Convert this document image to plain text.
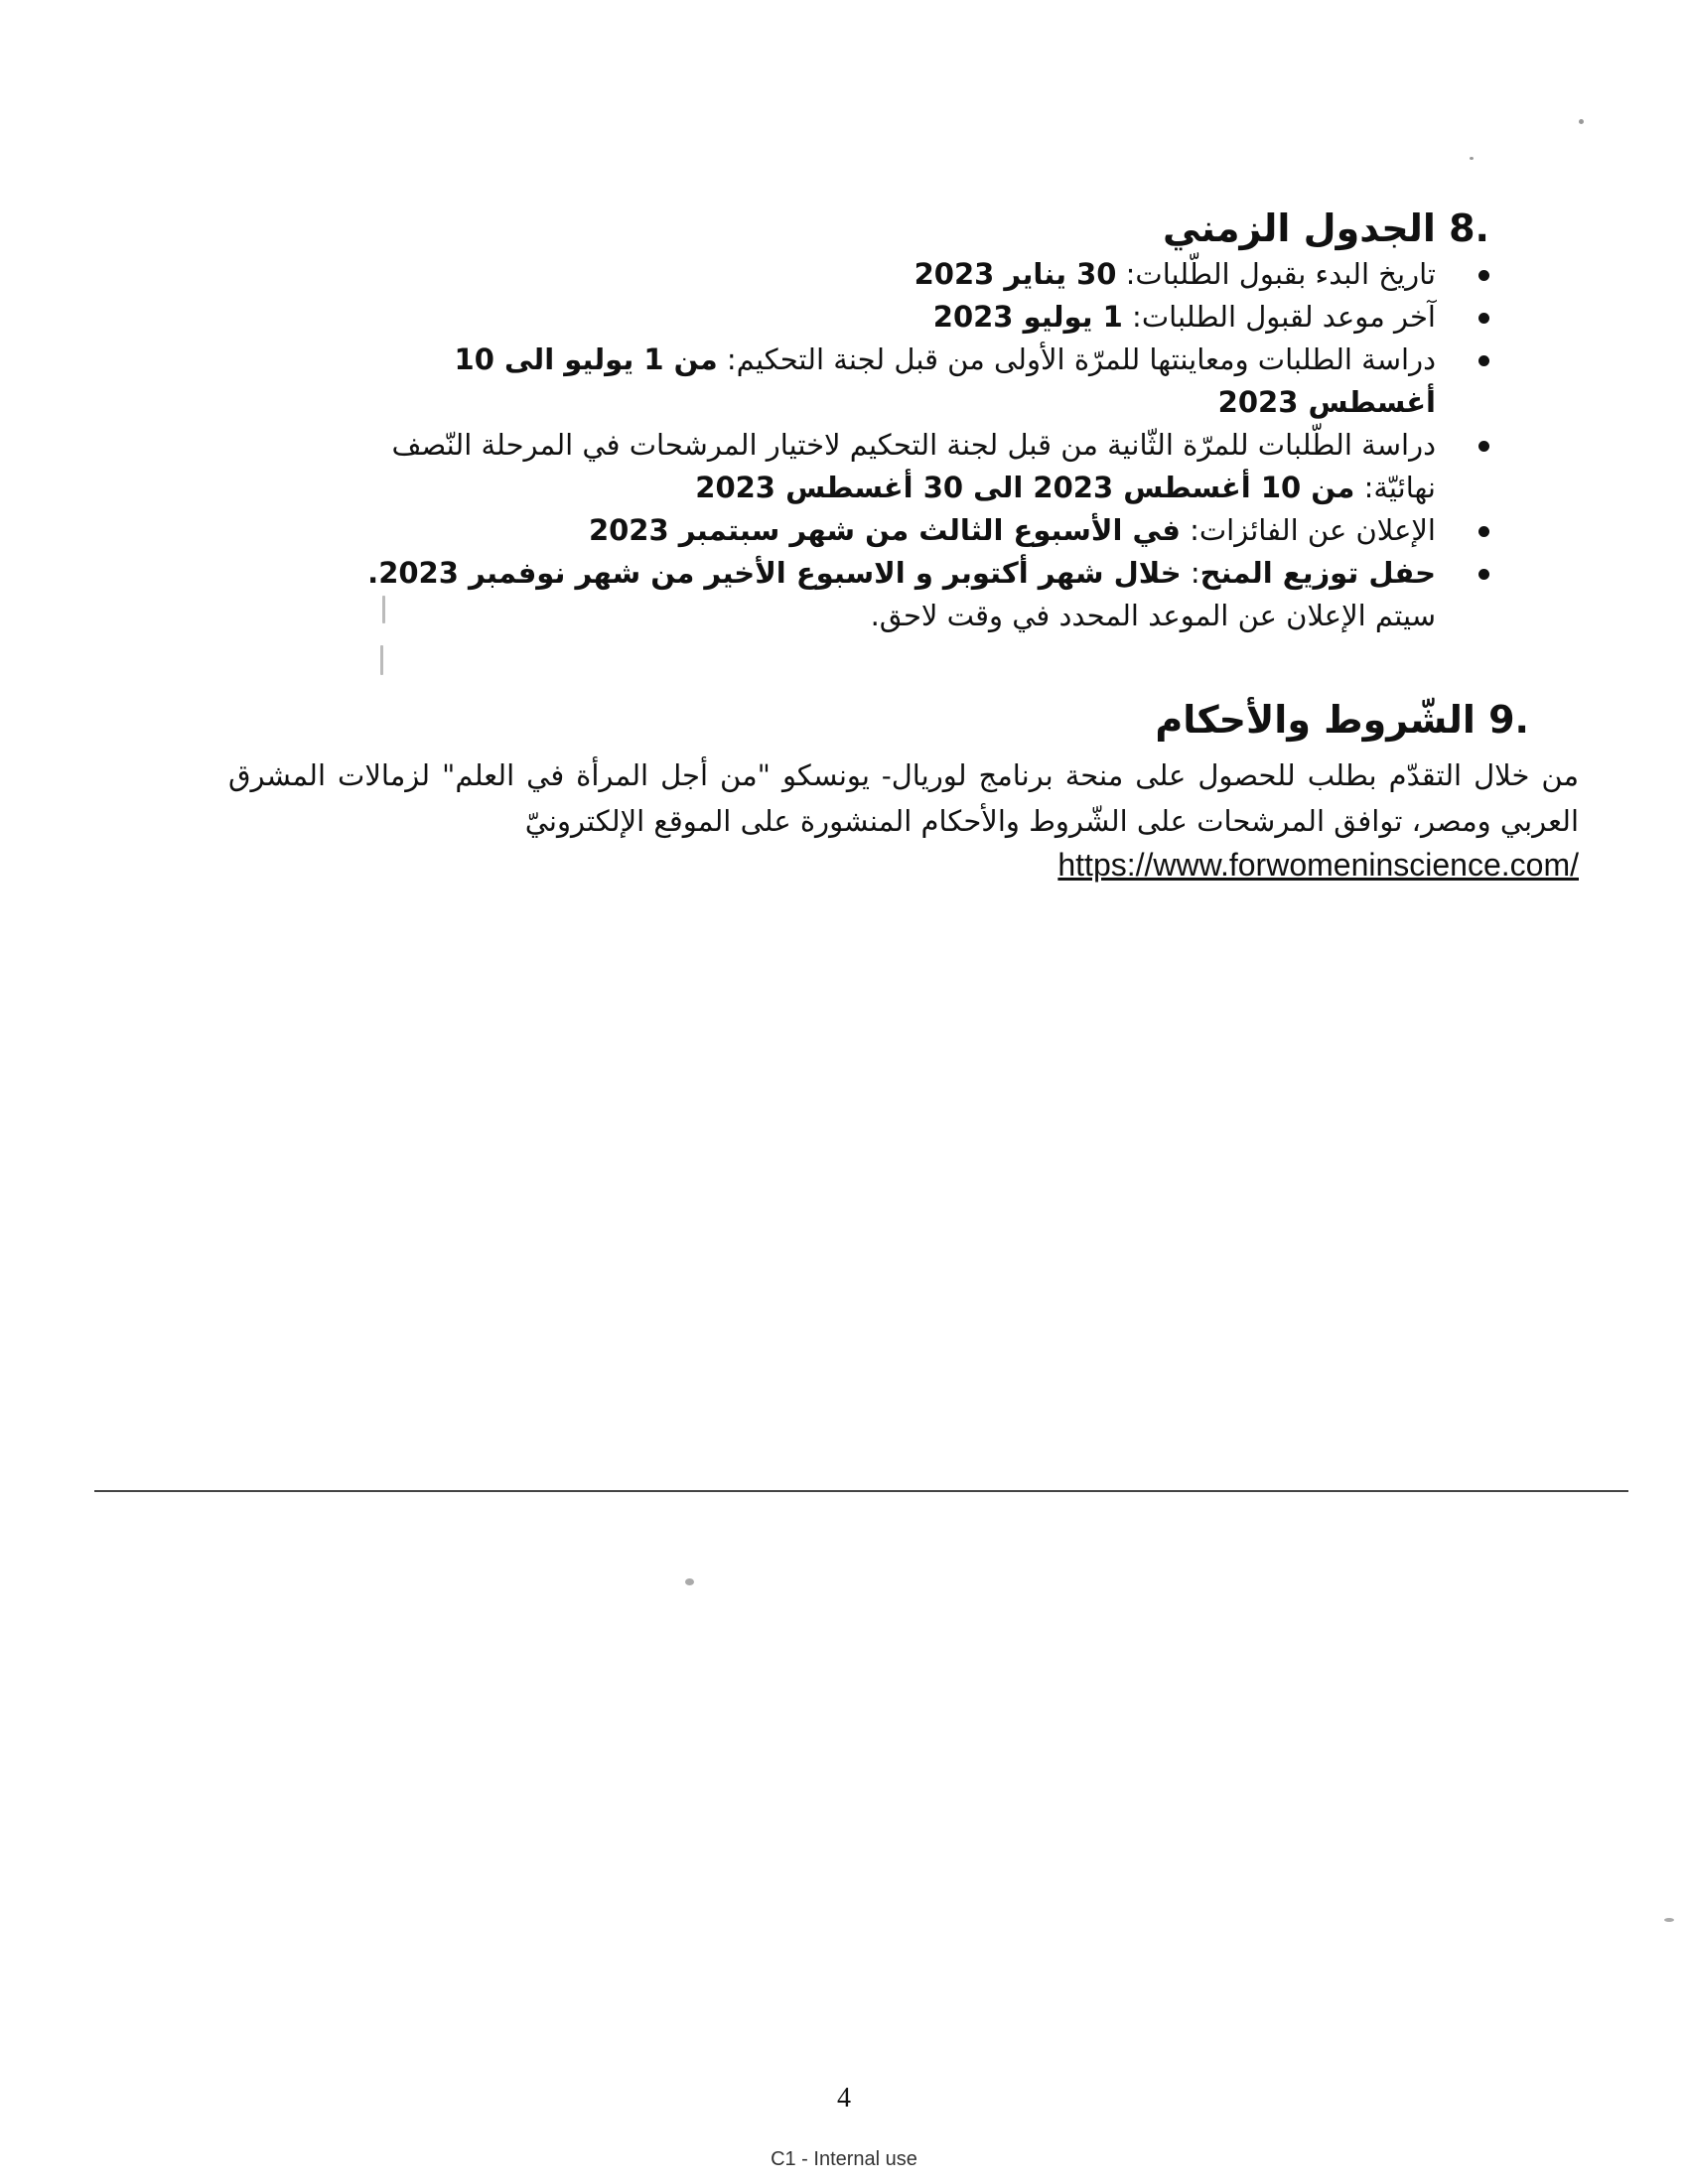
8. الجدول الزمني
تاريخ البدء بقبول الطّلبات: 30 يناير 2023
آخر موعد لقبول الطلبات: 1 يوليو 2023
دراسة الطلبات ومعاينتها للمرّة الأولى من قبل لجنة التحكيم: من 1 يوليو الى 10 أغسطس 2023
دراسة الطّلبات للمرّة الثّانية من قبل لجنة التحكيم لاختيار المرشحات في المرحلة النّصف نهائيّة: من 10 أغسطس 2023 الى 30 أغسطس 2023
الإعلان عن الفائزات: في الأسبوع الثالث من شهر سبتمبر 2023
حفل توزيع المنح: خلال شهر أكتوبر و الاسبوع الأخير من شهر نوفمبر 2023. سيتم الإعلان عن الموعد المحدد في وقت لاحق.
9. الشّروط والأحكام

من خلال التقدّم بطلب للحصول على منحة برنامج لوريال- يونسكو "من أجل المرأة في العلم" لزمالات المشرق العربي ومصر، توافق المرشحات على الشّروط والأحكام المنشورة على الموقع الإلكترونيّ

https://www.forwomeninscience.com/
4
C1 - Internal use
